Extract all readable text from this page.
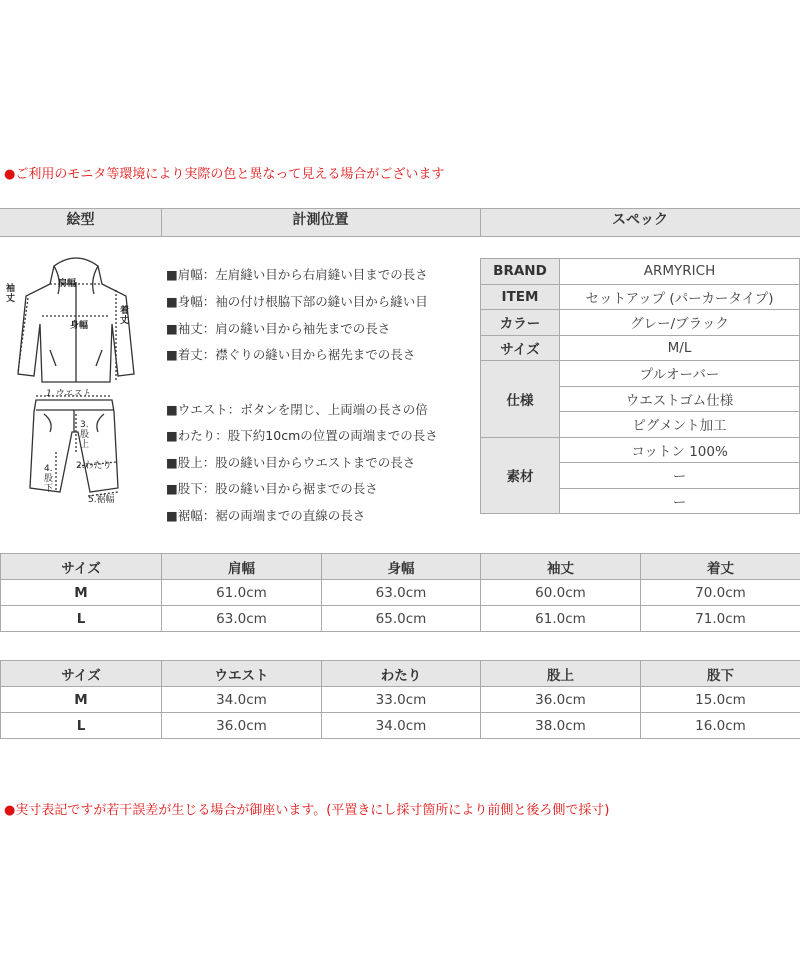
●ご利用のモニタ等環境により実際の色と異なって見える場合がございます
絵型	計測位置	スペック
肩幅
身幅
袖丈
着丈
1.ウエスト
3.股上
2.わたり
4.股下
5.裾幅
■肩幅：左肩縫い目から右肩縫い目までの長さ
■身幅：袖の付け根脇下部の縫い目から縫い目
■袖丈：肩の縫い目から袖先までの長さ
■着丈：襟ぐりの縫い目から裾先までの長さ
■ウエスト：ボタンを閉じ、上両端の長さの倍
■わたり：股下約10cmの位置の両端までの長さ
■股上：股の縫い目からウエストまでの長さ
■股下：股の縫い目から裾までの長さ
■裾幅：裾の両端までの直線の長さ
BRAND	ARMYRICH
ITEM	セットアップ (パーカータイプ)
カラー	グレー/ブラック
サイズ	M/L
仕様	プルオーバー
	ウエストゴム仕様
	ピグメント加工
素材	コットン 100%
	ー
	ー
サイズ	肩幅	身幅	袖丈	着丈
M	61.0cm	63.0cm	60.0cm	70.0cm
L	63.0cm	65.0cm	61.0cm	71.0cm
サイズ	ウエスト	わたり	股上	股下
M	34.0cm	33.0cm	36.0cm	15.0cm
L	36.0cm	34.0cm	38.0cm	16.0cm
●実寸表記ですが若干誤差が生じる場合が御座います。(平置きにし採寸箇所により前側と後ろ側で採寸)
